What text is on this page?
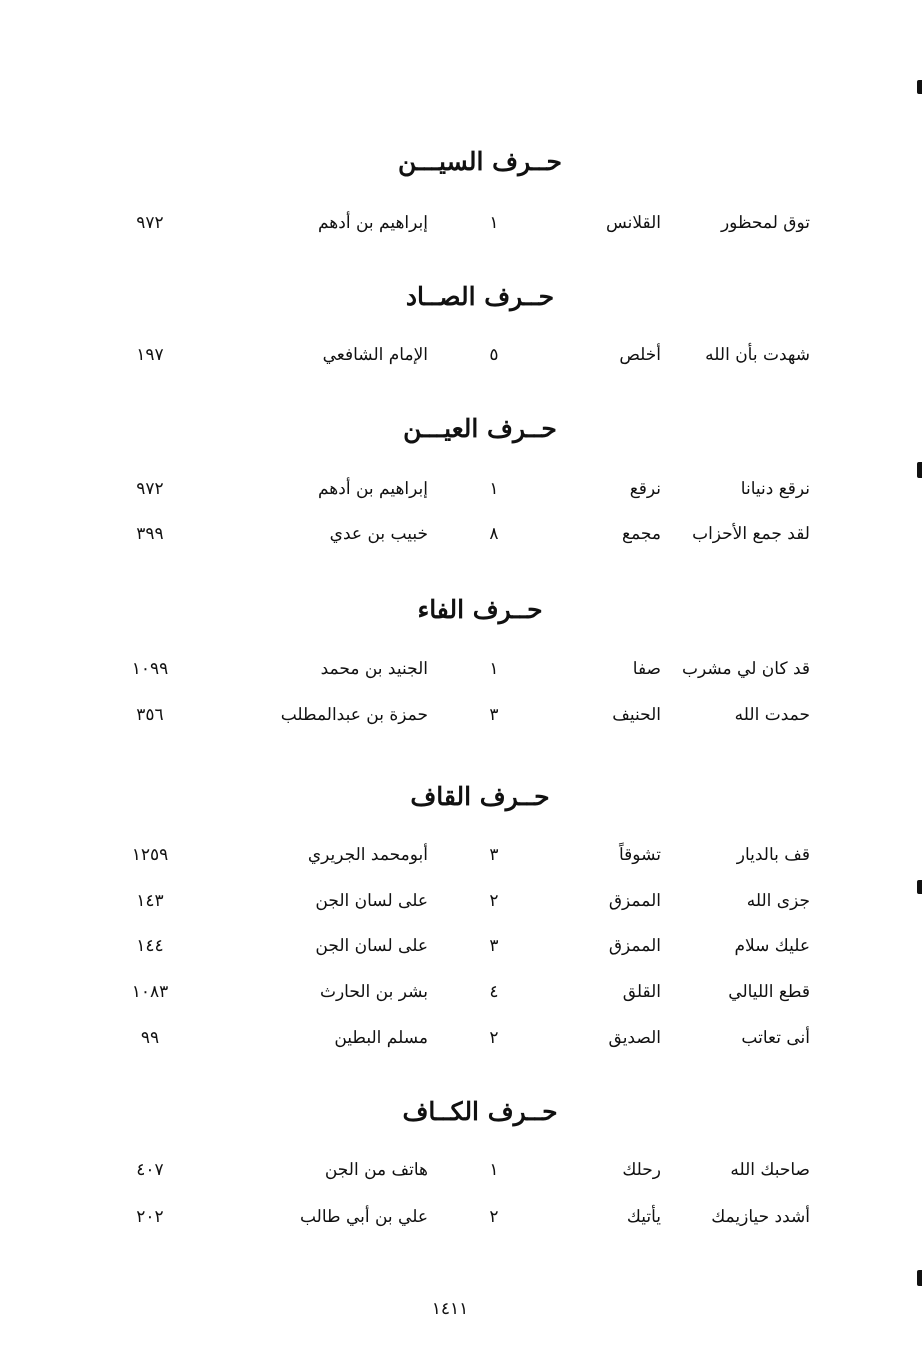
حــرف السيـــن
توق لمحظور
القلانس
١
إبراهيم بن أدهم
٩٧٢
حــرف الصــاد
شهدت بأن الله
أخلص
٥
الإمام الشافعي
١٩٧
حــرف العيـــن
نرقع دنيانا
نرقع
١
إبراهيم بن أدهم
٩٧٢
لقد جمع الأحزاب
مجمع
٨
خبيب بن عدي
٣٩٩
حــرف الفاء
قد كان لي مشرب
صفا
١
الجنيد بن محمد
١٠٩٩
حمدت الله
الحنيف
٣
حمزة بن عبدالمطلب
٣٥٦
حــرف القاف
قف بالديار
تشوقاً
٣
أبومحمد الجريري
١٢٥٩
جزى الله
الممزق
٢
على لسان الجن
١٤٣
عليك سلام
الممزق
٣
على لسان الجن
١٤٤
قطع الليالي
القلق
٤
بشر بن الحارث
١٠٨٣
أنى تعاتب
الصديق
٢
مسلم البطين
٩٩
حــرف الكــاف
صاحبك الله
رحلك
١
هاتف من الجن
٤٠٧
أشدد حيازيمك
يأتيك
٢
علي بن أبي طالب
٢٠٢
١٤١١
